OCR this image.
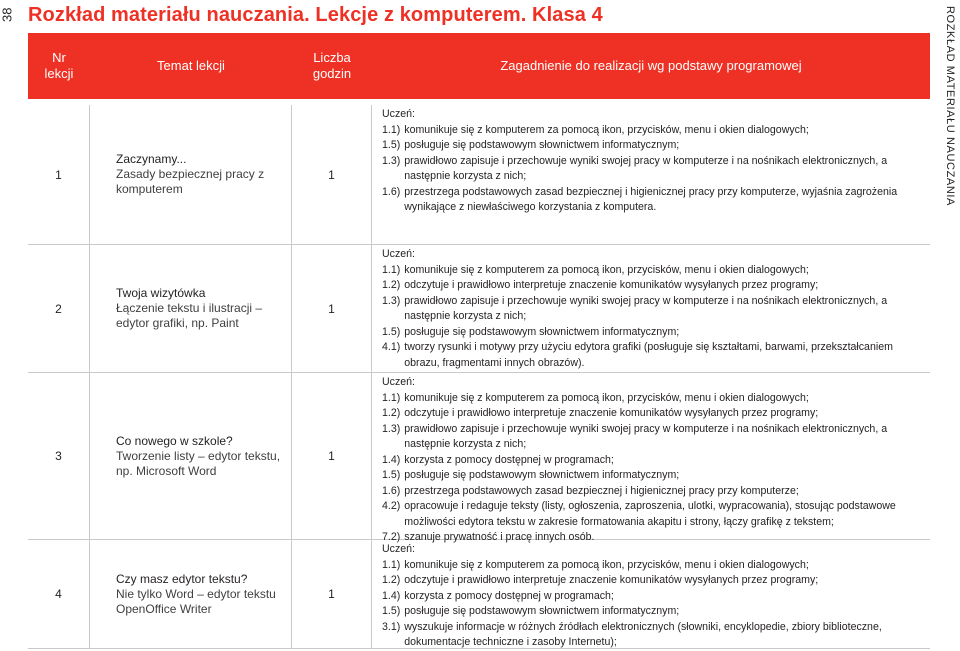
38 Rozkład materiału nauczania. Lekcje z komputerem. Klasa 4	ROZKŁAD MATERIAŁU NAUCZANIA
Nr lekcji
Temat lekcji
Liczba godzin
Zagadnienie do realizacji wg podstawy programowej
1
Zaczynamy...
Zasady bezpiecznej pracy z komputerem
1
Uczeń:
1.1) komunikuje się z komputerem za pomocą ikon, przycisków, menu i okien dialogowych;
1.5) posługuje się podstawowym słownictwem informatycznym;
1.3) prawidłowo zapisuje i przechowuje wyniki swojej pracy w komputerze i na nośnikach elektronicznych, a następnie korzysta z nich;
1.6) przestrzega podstawowych zasad bezpiecznej i higienicznej pracy przy komputerze, wyjaśnia zagrożenia wynikające z niewłaściwego korzystania z komputera.
2
Twoja wizytówka
Łączenie tekstu i ilustracji – edytor grafiki, np. Paint
1
Uczeń:
1.1) komunikuje się z komputerem za pomocą ikon, przycisków, menu i okien dialogowych;
1.2) odczytuje i prawidłowo interpretuje znaczenie komunikatów wysyłanych przez programy;
1.3) prawidłowo zapisuje i przechowuje wyniki swojej pracy w komputerze i na nośnikach elektronicznych, a następnie korzysta z nich;
1.5) posługuje się podstawowym słownictwem informatycznym;
4.1) tworzy rysunki i motywy przy użyciu edytora grafiki (posługuje się kształtami, barwami, przekształcaniem obrazu, fragmentami innych obrazów).
3
Co nowego w szkole?
Tworzenie listy – edytor tekstu, np. Microsoft Word
1
Uczeń:
1.1) komunikuje się z komputerem za pomocą ikon, przycisków, menu i okien dialogowych;
1.2) odczytuje i prawidłowo interpretuje znaczenie komunikatów wysyłanych przez programy;
1.3) prawidłowo zapisuje i przechowuje wyniki swojej pracy w komputerze i na nośnikach elektronicznych, a następnie korzysta z nich;
1.4) korzysta z pomocy dostępnej w programach;
1.5) posługuje się podstawowym słownictwem informatycznym;
1.6) przestrzega podstawowych zasad bezpiecznej i higienicznej pracy przy komputerze;
4.2) opracowuje i redaguje teksty (listy, ogłoszenia, zaproszenia, ulotki, wypracowania), stosując podstawowe możliwości edytora tekstu w zakresie formatowania akapitu i strony, łączy grafikę z tekstem;
7.2) szanuje prywatność i pracę innych osób.
4
Czy masz edytor tekstu?
Nie tylko Word – edytor tekstu OpenOffice Writer
1
Uczeń:
1.1) komunikuje się z komputerem za pomocą ikon, przycisków, menu i okien dialogowych;
1.2) odczytuje i prawidłowo interpretuje znaczenie komunikatów wysyłanych przez programy;
1.4) korzysta z pomocy dostępnej w programach;
1.5) posługuje się podstawowym słownictwem informatycznym;
3.1) wyszukuje informacje w różnych źródłach elektronicznych (słowniki, encyklopedie, zbiory biblioteczne, dokumentacje techniczne i zasoby Internetu);
